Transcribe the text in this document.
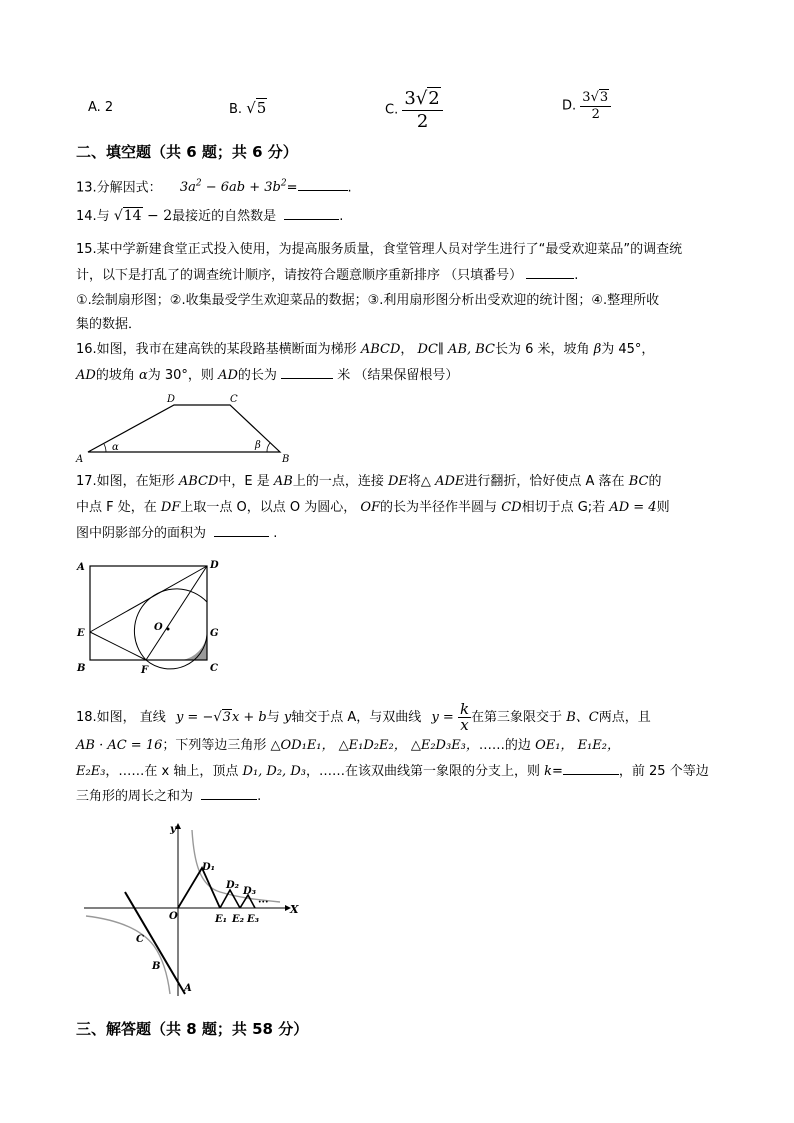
A. 2	B. √5	C. $\frac{3√2}{2}$	D. $\frac{3√3}{2}$
二、填空题（共 6 题；共 6 分）
13.分解因式： $3a^2 - 6ab + 3b^2=$	.
14.与 √14 − 2最接近的自然数是	.
15.某中学新建食堂正式投入使用，为提高服务质量，食堂管理人员对学生进行了“最受欢迎菜品”的调查统
计，以下是打乱了的调查统计顺序，请按符合题意顺序重新排序 （只填番号）	.
①.绘制扇形图；②.收集最受学生欢迎菜品的数据；③.利用扇形图分析出受欢迎的统计图；④.整理所收
集的数据．
16.如图，我市在建高铁的某段路基横断面为梯形 ABCD， DC∥ AB, BC长为 6 米，坡角 β为 45°，
AD的坡角 α为 30°，则 AD的长为	米 （结果保留根号）
A	B
C
D
α	β
17.如图，在矩形 ABCD中，E 是 AB上的一点，连接 DE将△ ADE进行翻折，恰好使点 A 落在 BC的
中点 F 处，在 DF上取一点 O，以点 O 为圆心， OF的长为半径作半圆与 CD相切于点 G;若 AD = 4则
图中阴影部分的面积为	.
A
B	C
D
E
F
G
O
18.如图， 直线 y = −√3x + b与 y轴交于点 A，与双曲线 $y = \frac{k}{x}$ 在第三象限交于 B、C两点，且
AB · AC = 16；下列等边三角形 △OD₁E₁， △E₁D₂E₂， △E₂D₃E₃，……的边 OE₁， E₁E₂，
E₂E₃，……在 x 轴上，顶点 D₁, D₂, D₃，……在该双曲线第一象限的分支上，则 k=	，前 25 个等边
三角形的周长之和为	.
y
X
O
A
B
C
D₁
D₂
D₃
E₁ E₂ E₃
···
三、解答题（共 8 题；共 58 分）
